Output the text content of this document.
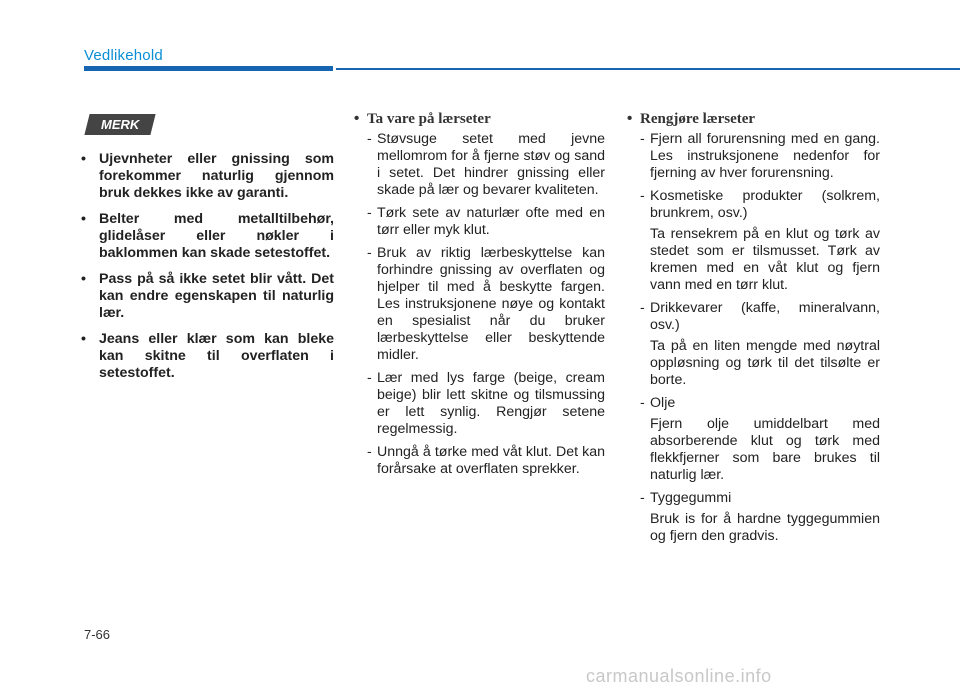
Vedlikehold
MERK
• Ujevnheter eller gnissing som forekommer naturlig gjennom bruk dekkes ikke av garanti.
• Belter med metalltilbehør, glidelåser eller nøkler i baklommen kan skade setestoffet.
• Pass på så ikke setet blir vått. Det kan endre egenskapen til naturlig lær.
• Jeans eller klær som kan bleke kan skitne til overflaten i setestoffet.
• Ta vare på lærseter
- Støvsuge setet med jevne mellomrom for å fjerne støv og sand i setet. Det hindrer gnissing eller skade på lær og bevarer kvaliteten.
- Tørk sete av naturlær ofte med en tørr eller myk klut.
- Bruk av riktig lærbeskyttelse kan forhindre gnissing av overflaten og hjelper til med å beskytte fargen. Les instruksjonene nøye og kontakt en spesialist når du bruker lærbeskyttelse eller beskyttende midler.
- Lær med lys farge (beige, cream beige) blir lett skitne og tilsmussing er lett synlig. Rengjør setene regelmessig.
- Unngå å tørke med våt klut. Det kan forårsake at overflaten sprekker.
• Rengjøre lærseter
- Fjern all forurensning med en gang. Les instruksjonene nedenfor for fjerning av hver forurensning.
- Kosmetiske produkter (solkrem, brunkrem, osv.)
Ta rensekrem på en klut og tørk av stedet som er tilsmusset. Tørk av kremen med en våt klut og fjern vann med en tørr klut.
- Drikkevarer (kaffe, mineralvann, osv.)
Ta på en liten mengde med nøytral oppløsning og tørk til det tilsølte er borte.
- Olje
Fjern olje umiddelbart med absorberende klut og tørk med flekkfjerner som bare brukes til naturlig lær.
- Tyggegummi
Bruk is for å hardne tyggegummien og fjern den gradvis.
7-66
carmanualsonline.info
